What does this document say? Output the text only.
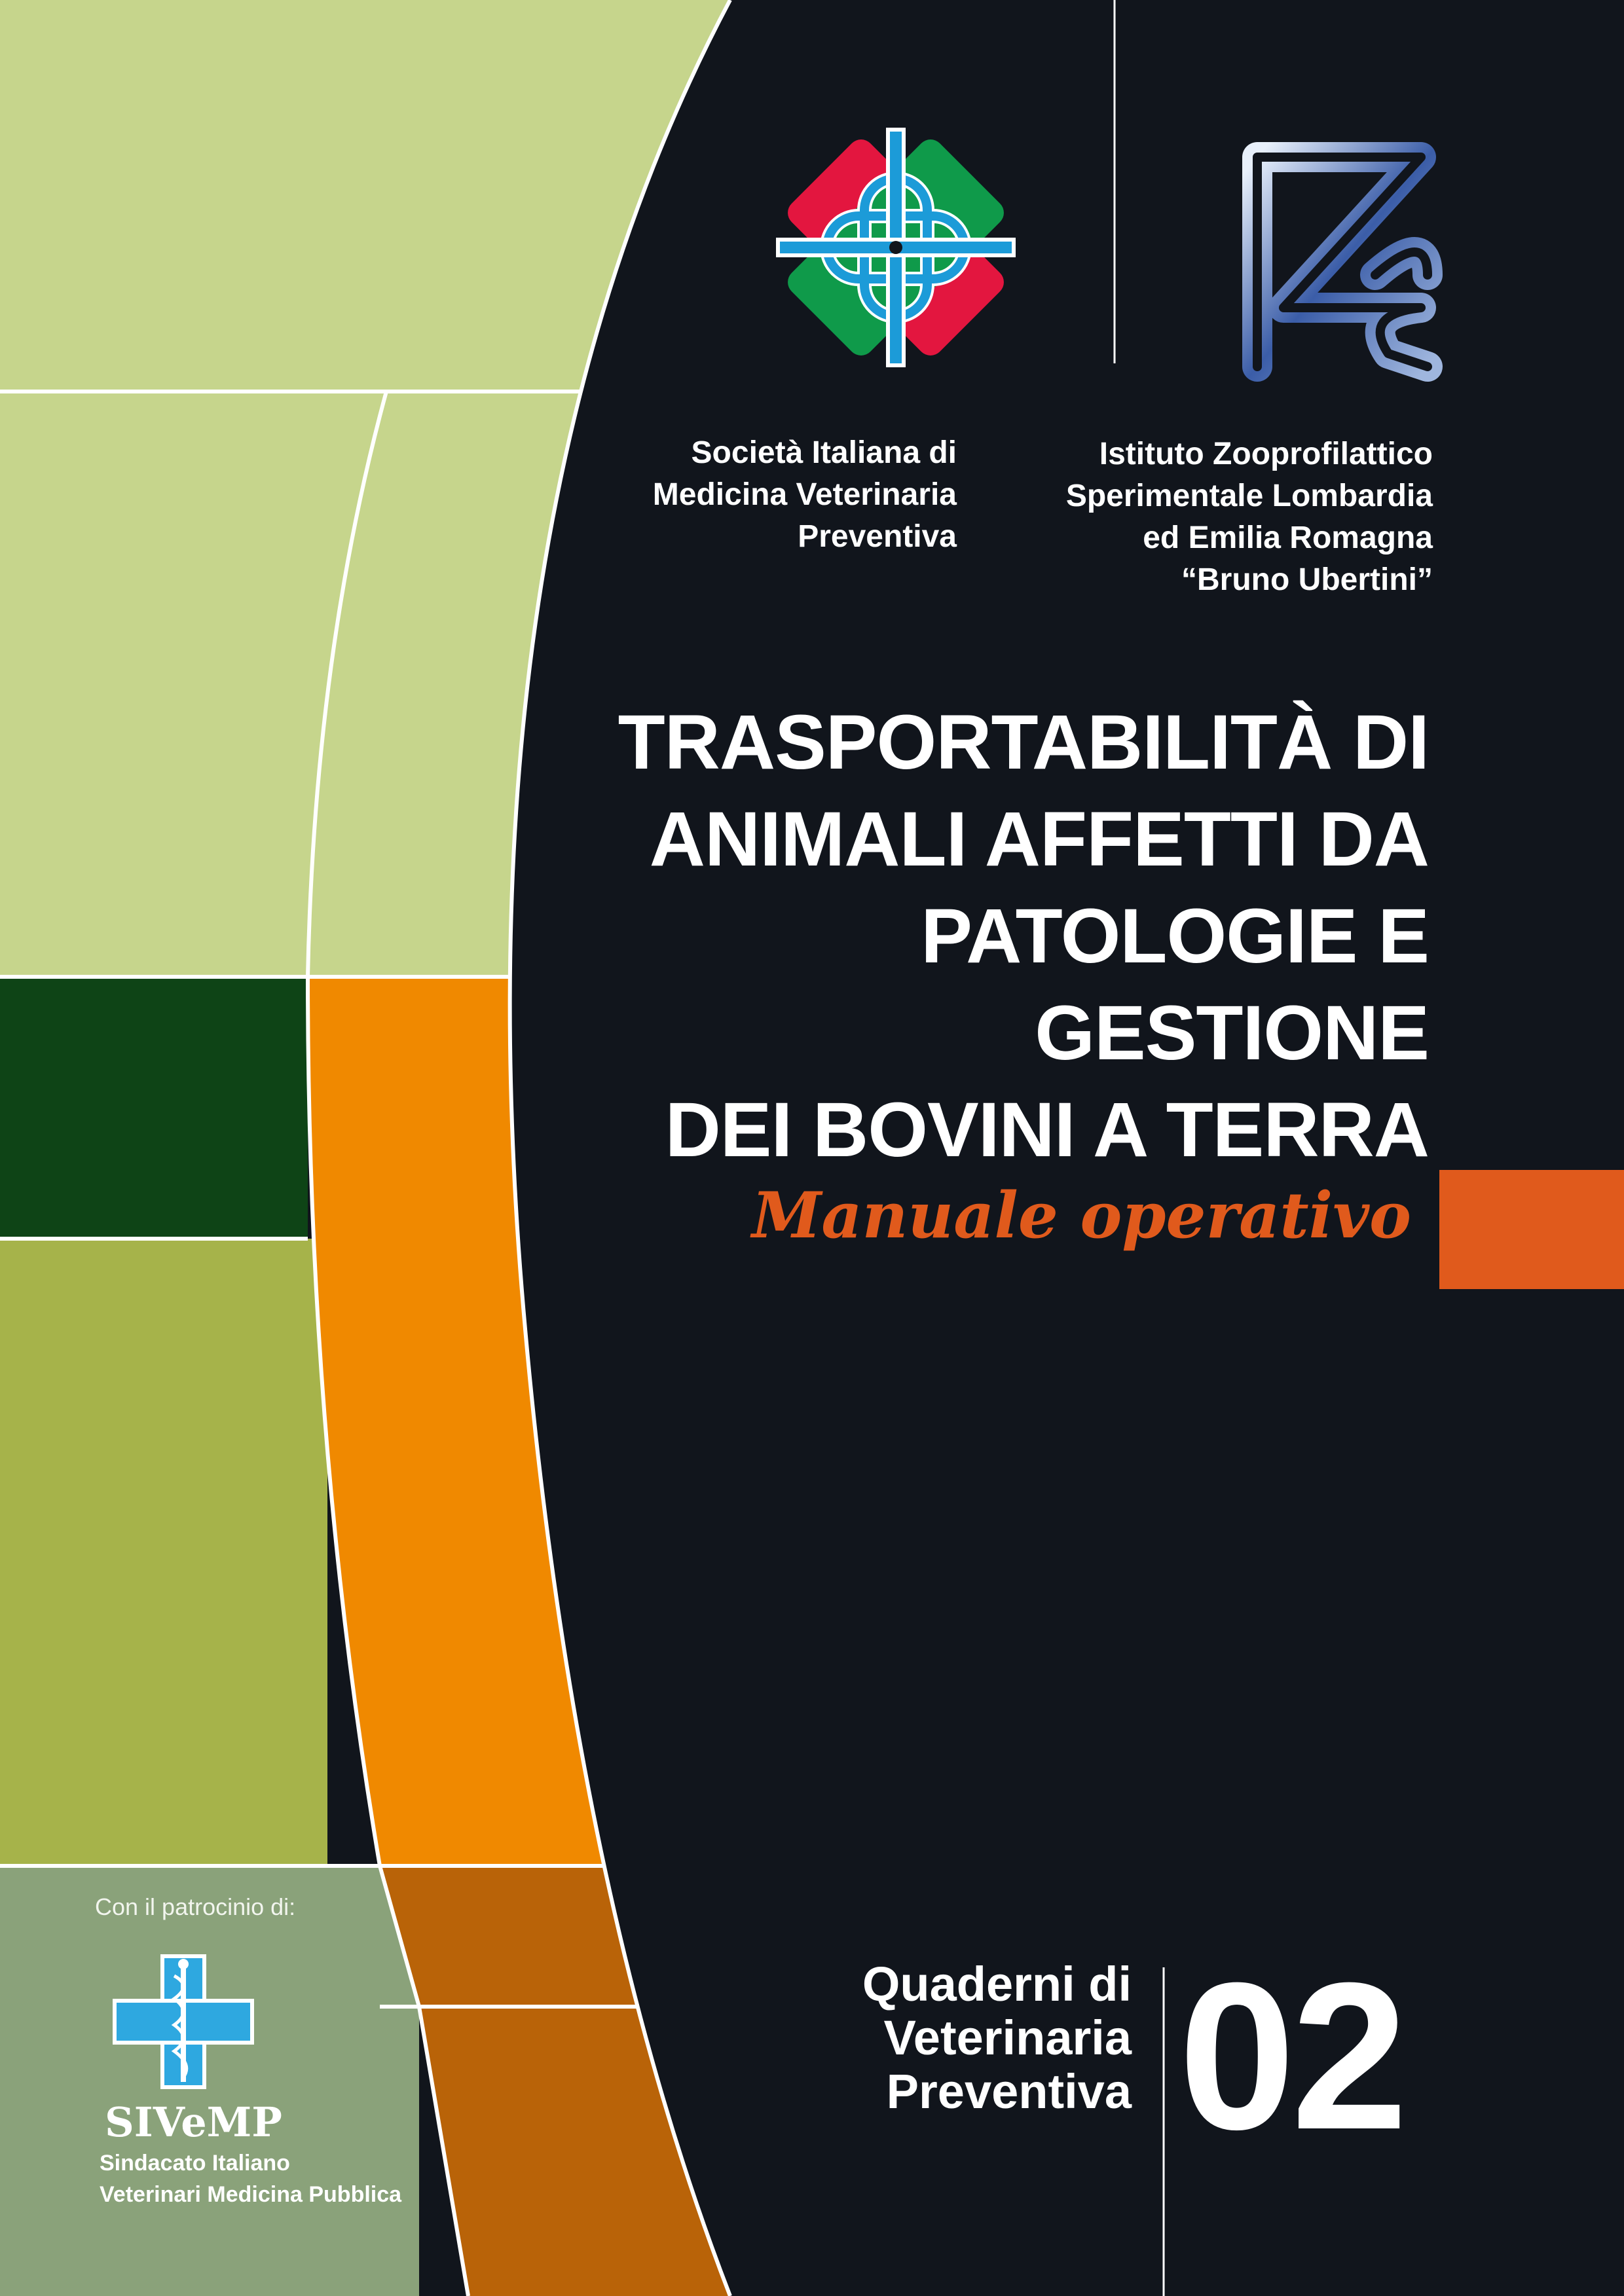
Società Italiana di
Medicina Veterinaria
Preventiva
Istituto Zooprofilattico
Sperimentale Lombardia
ed Emilia Romagna
“Bruno Ubertini”
TRASPORTABILITÀ DI
ANIMALI AFFETTI DA
PATOLOGIE E GESTIONE
DEI BOVINI A TERRA
Manuale operativo
Quaderni di
Veterinaria
Preventiva 02
Con il patrocinio di:
SIVeMP
Sindacato Italiano
Veterinari Medicina Pubblica
